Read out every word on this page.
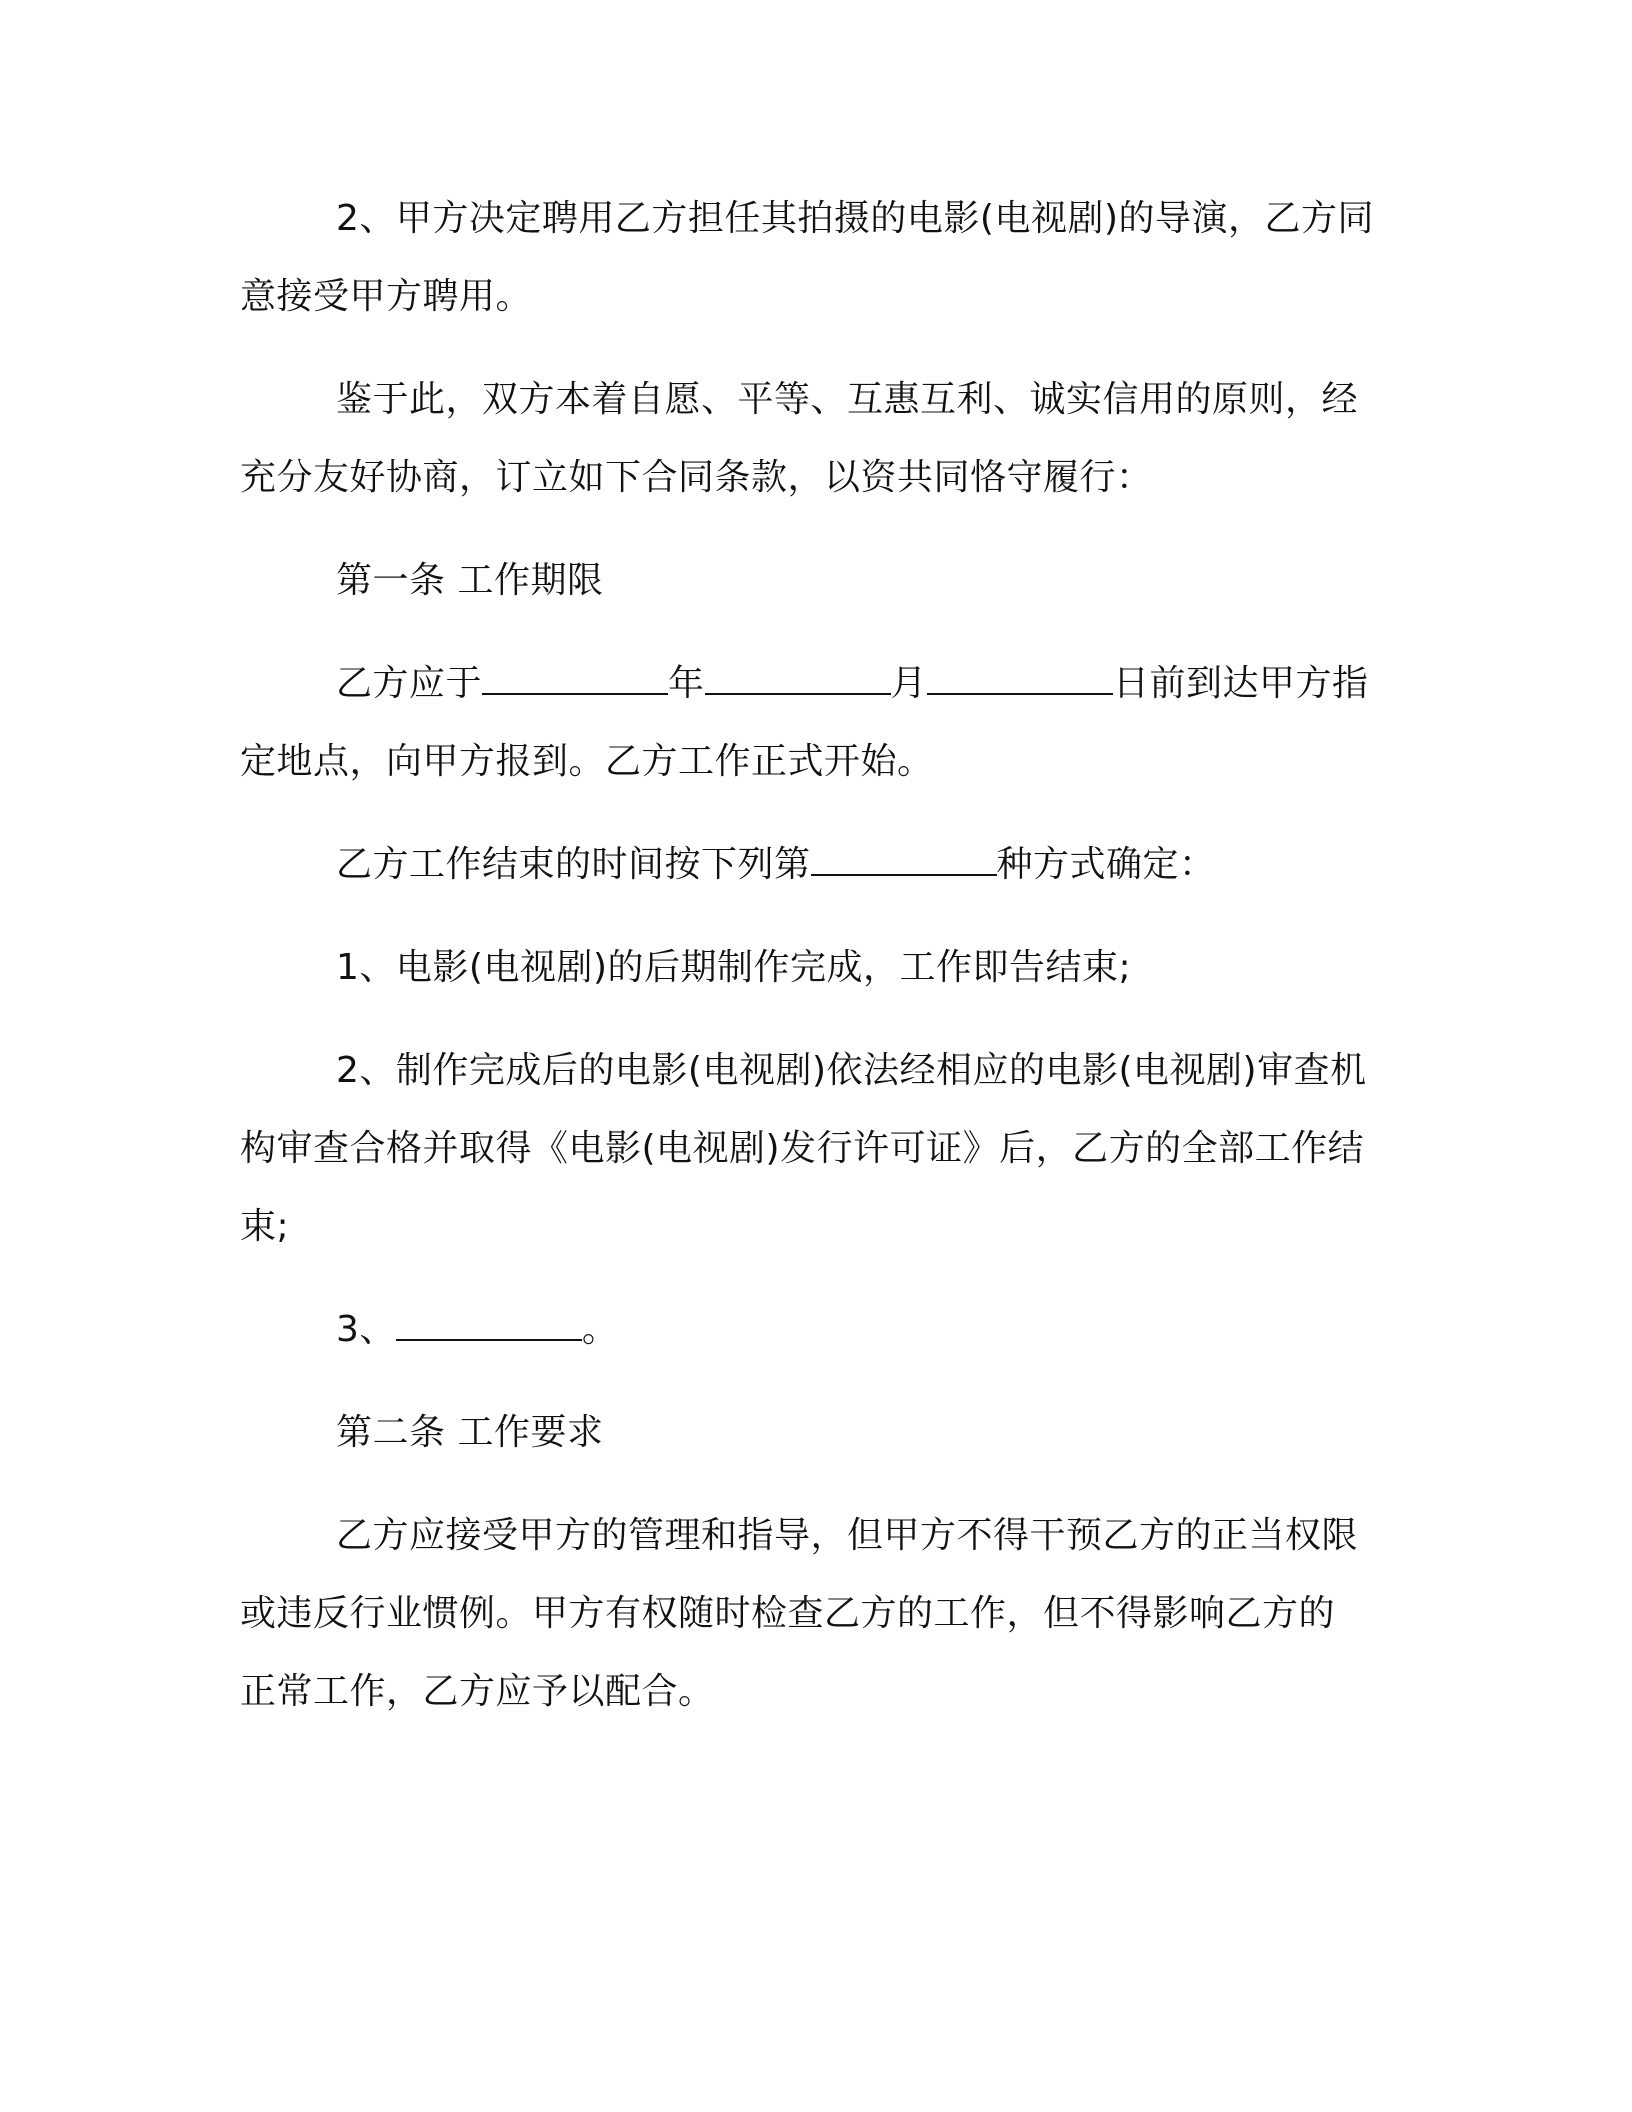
2、甲方决定聘用乙方担任其拍摄的电影(电视剧)的导演，乙方同
意接受甲方聘用。

鉴于此，双方本着自愿、平等、互惠互利、诚实信用的原则，经
充分友好协商，订立如下合同条款，以资共同恪守履行：

第一条 工作期限

乙方应于	年	月	日前到达甲方指
定地点，向甲方报到。乙方工作正式开始。

乙方工作结束的时间按下列第	种方式确定：

1、电影(电视剧)的后期制作完成，工作即告结束;

2、制作完成后的电影(电视剧)依法经相应的电影(电视剧)审查机
构审查合格并取得《电影(电视剧)发行许可证》后，乙方的全部工作结
束;

3、	。

第二条 工作要求

乙方应接受甲方的管理和指导，但甲方不得干预乙方的正当权限
或违反行业惯例。甲方有权随时检查乙方的工作，但不得影响乙方的
正常工作，乙方应予以配合。
